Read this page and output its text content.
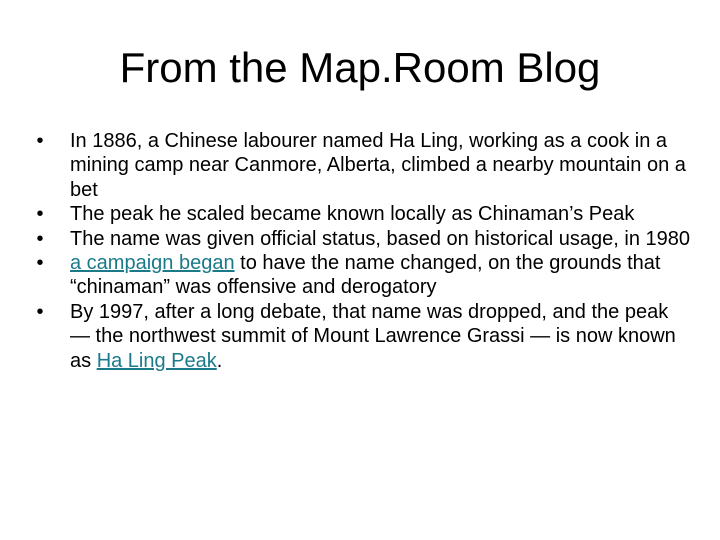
From the Map.Room Blog
•	In 1886, a Chinese labourer named Ha Ling, working as a cook in a mining camp near Canmore, Alberta, climbed a nearby mountain on a bet
•	The peak he scaled became known locally as Chinaman’s Peak
•	The name was given official status, based on historical usage, in 1980
•	a campaign began to have the name changed, on the grounds that “chinaman” was offensive and derogatory
•	By 1997, after a long debate, that name was dropped, and the peak — the northwest summit of Mount Lawrence Grassi — is now known as Ha Ling Peak.
